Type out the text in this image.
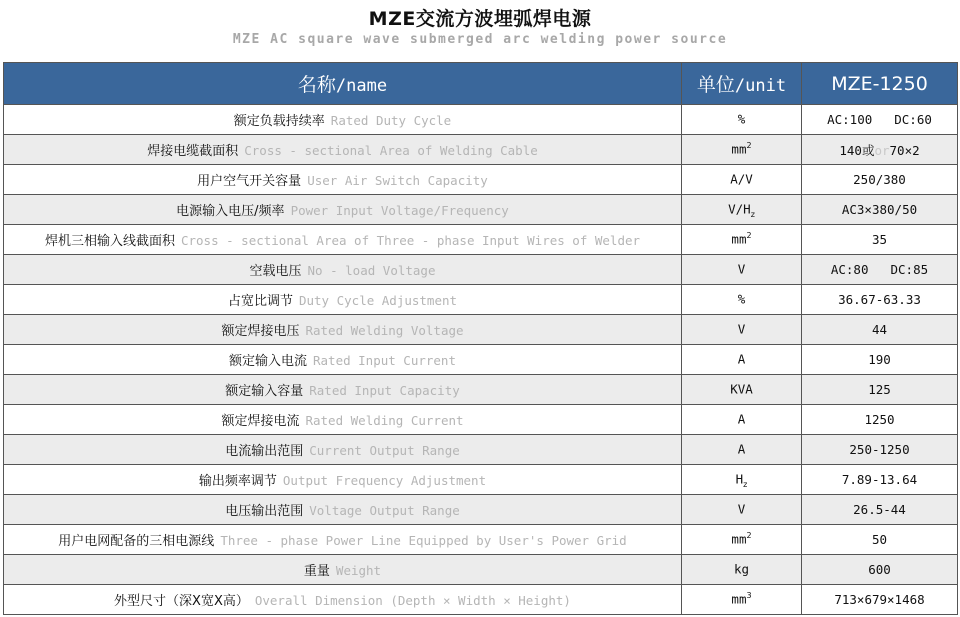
MZE交流方波埋弧焊电源
MZE AC square wave submerged arc welding power source
名称/name	单位/unit	MZE-1250
额定负载持续率 Rated Duty Cycle	%	AC:100 DC:60
焊接电缆截面积 Cross - sectional Area of Welding Cable	$mm^2$	140或or70×2
用户空气开关容量 User Air Switch Capacity	A/V	250/380
电源输入电压/频率 Power Input Voltage/Frequency	$V/H_z$	AC3×380/50
焊机三相输入线截面积 Cross - sectional Area of Three - phase Input Wires of Welder	$mm^2$	35
空载电压 No - load Voltage	V	AC:80 DC:85
占宽比调节 Duty Cycle Adjustment	%	36.67-63.33
额定焊接电压 Rated Welding Voltage	V	44
额定输入电流 Rated Input Current	A	190
额定输入容量 Rated Input Capacity	KVA	125
额定焊接电流 Rated Welding Current	A	1250
电流输出范围 Current Output Range	A	250-1250
输出频率调节 Output Frequency Adjustment	$H_z$	7.89-13.64
电压输出范围 Voltage Output Range	V	26.5-44
用户电网配备的三相电源线 Three - phase Power Line Equipped by User's Power Grid	$mm^2$	50
重量 Weight	kg	600
外型尺寸（深X宽X高） Overall Dimension (Depth × Width × Height)	$mm^3$	713×679×1468
